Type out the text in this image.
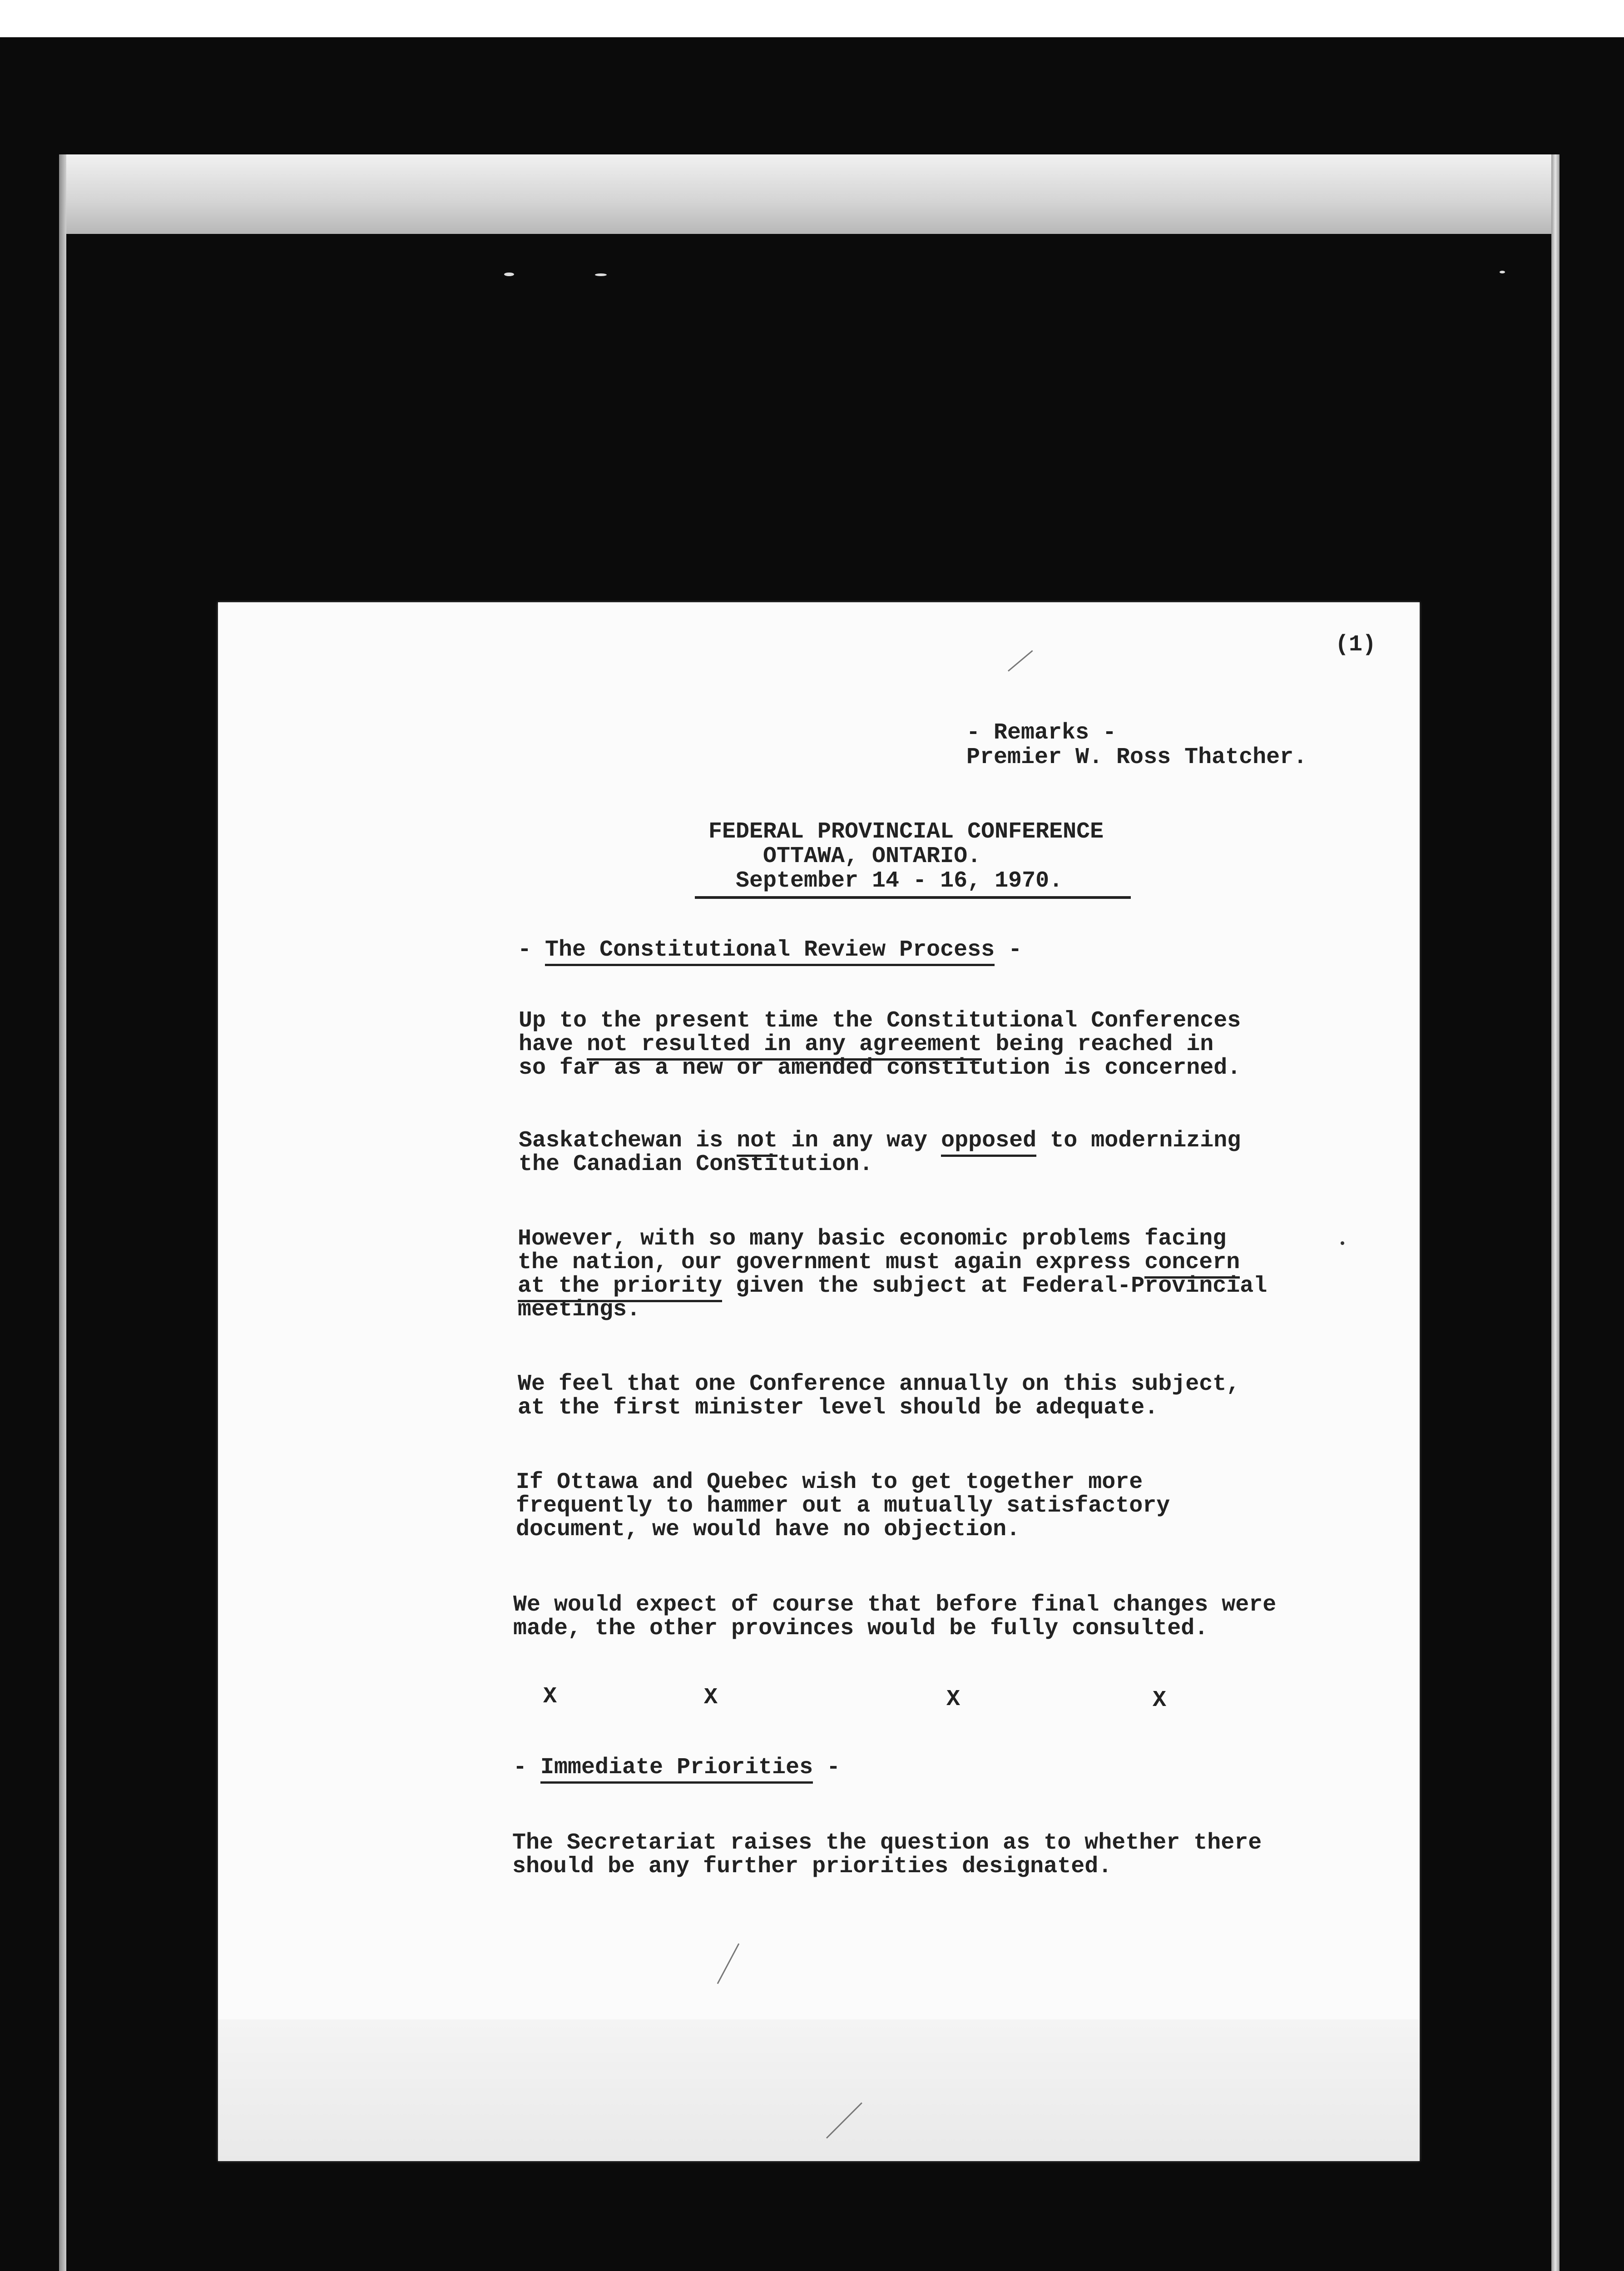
(1)
- Remarks -
Premier W. Ross Thatcher.
FEDERAL PROVINCIAL CONFERENCE
OTTAWA, ONTARIO.
September 14 - 16, 1970.
- The Constitutional Review Process -
Up to the present time the Constitutional Conferences
have not resulted in any agreement being reached in
so far as a new or amended constitution is concerned.
Saskatchewan is not in any way opposed to modernizing
the Canadian Constitution.
However, with so many basic economic problems facing
the nation, our government must again express concern
at the priority given the subject at Federal-Provincial
meetings.
We feel that one Conference annually on this subject,
at the first minister level should be adequate.
If Ottawa and Quebec wish to get together more
frequently to hammer out a mutually satisfactory
document, we would have no objection.
We would expect of course that before final changes were
made, the other provinces would be fully consulted.
X	X	X	X
- Immediate Priorities -
The Secretariat raises the question as to whether there
should be any further priorities designated.
